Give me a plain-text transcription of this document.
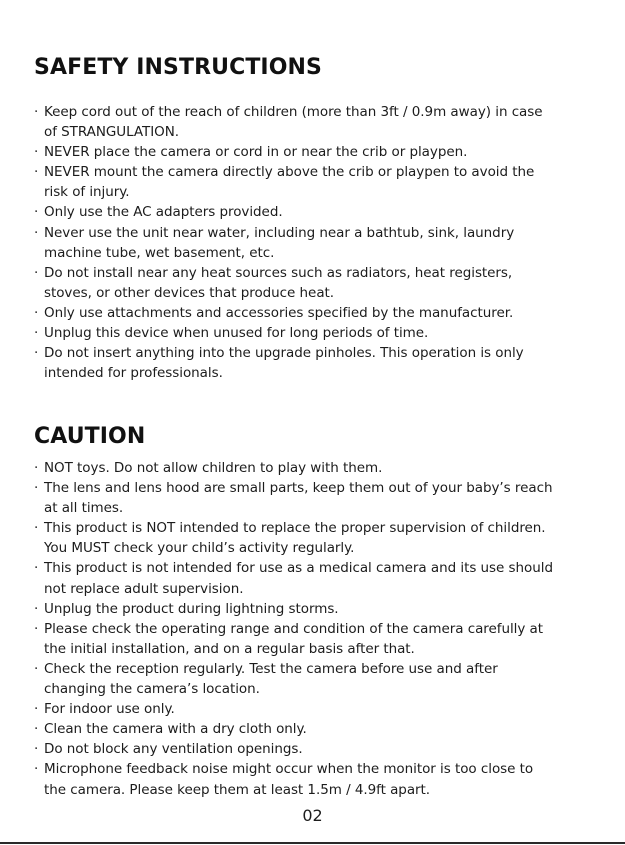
SAFETY INSTRUCTIONS
· Keep cord out of the reach of children (more than 3ft / 0.9m away) in case
of STRANGULATION.
· NEVER place the camera or cord in or near the crib or playpen.
· NEVER mount the camera directly above the crib or playpen to avoid the
risk of injury.
· Only use the AC adapters provided.
· Never use the unit near water, including near a bathtub, sink, laundry
machine tube, wet basement, etc.
· Do not install near any heat sources such as radiators, heat registers,
stoves, or other devices that produce heat.
· Only use attachments and accessories specified by the manufacturer.
· Unplug this device when unused for long periods of time.
· Do not insert anything into the upgrade pinholes. This operation is only
intended for professionals.
CAUTION
· NOT toys. Do not allow children to play with them.
· The lens and lens hood are small parts, keep them out of your baby’s reach
at all times.
· This product is NOT intended to replace the proper supervision of children.
You MUST check your child’s activity regularly.
· This product is not intended for use as a medical camera and its use should
not replace adult supervision.
· Unplug the product during lightning storms.
· Please check the operating range and condition of the camera carefully at
the initial installation, and on a regular basis after that.
· Check the reception regularly. Test the camera before use and after
changing the camera’s location.
· For indoor use only.
· Clean the camera with a dry cloth only.
· Do not block any ventilation openings.
· Microphone feedback noise might occur when the monitor is too close to
the camera. Please keep them at least 1.5m / 4.9ft apart.
02
